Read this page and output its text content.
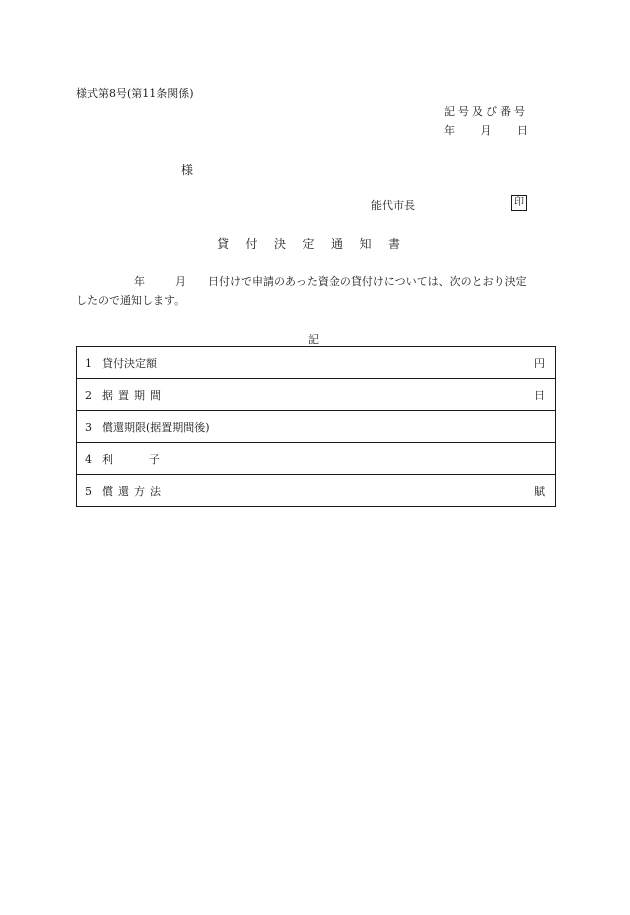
様式第8号(第11条関係)
記号及び番号
年 月 日
様
能代市長	印
貸	付	決	定	通	知	書
年	月 日付けで申請のあった資金の貸付けについては、次のとおり決定
したので通知します。
記
1 貸付決定額	円

2 据置期間	日

3 償還期限(据置期間後)

4 利	子

5 償還方法	賦
